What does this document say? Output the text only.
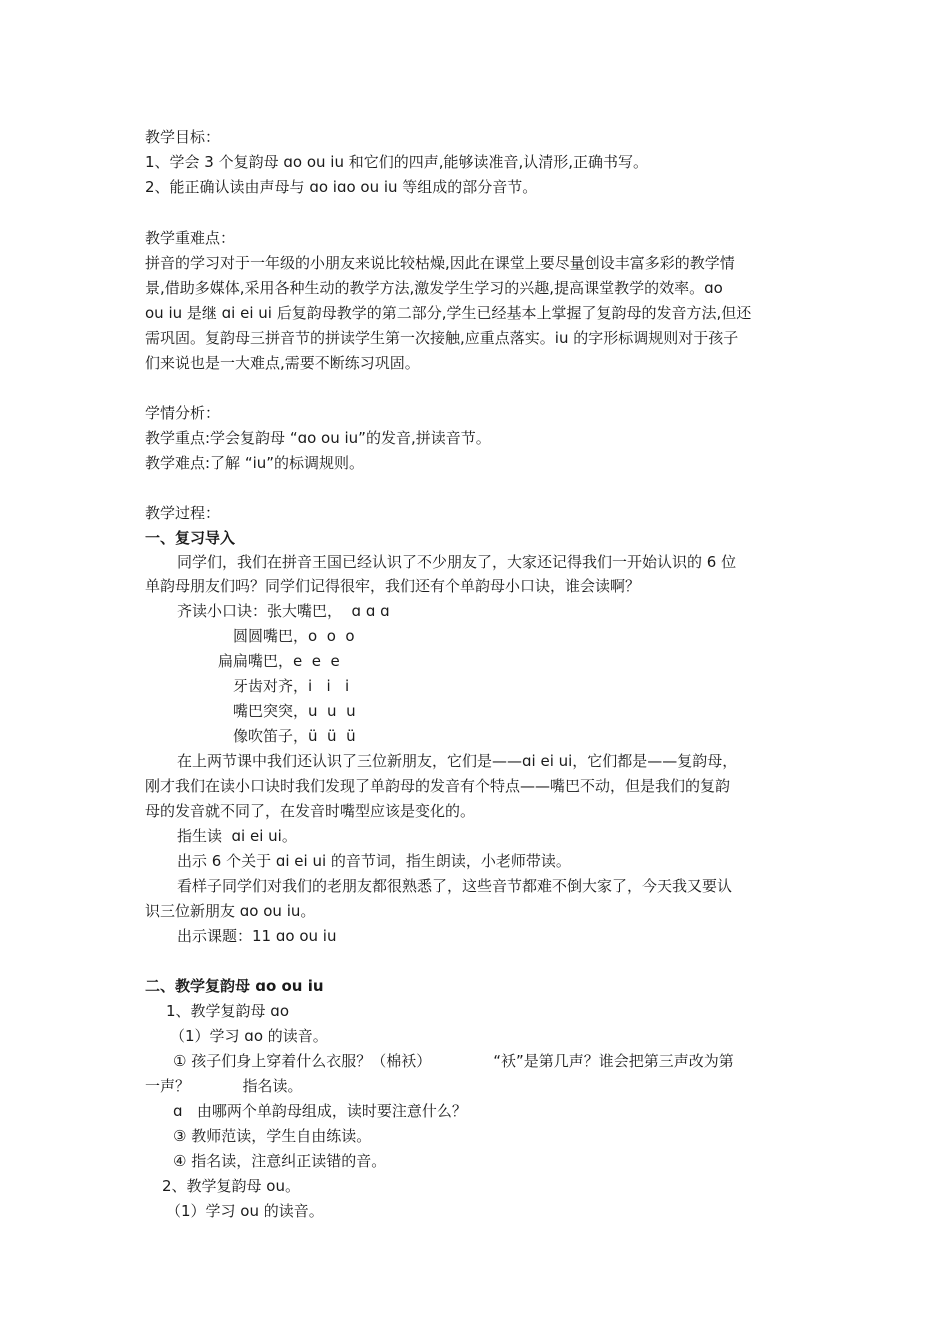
教学目标：
1、学会 3 个复韵母 ɑo ou iu 和它们的四声,能够读准音,认清形,正确书写。
2、能正确认读由声母与 ɑo iɑo ou iu 等组成的部分音节。
教学重难点：
拼音的学习对于一年级的小朋友来说比较枯燥,因此在课堂上要尽量创设丰富多彩的教学情
景,借助多媒体,采用各种生动的教学方法,激发学生学习的兴趣,提高课堂教学的效率。ɑo
ou iu 是继 ɑi ei ui 后复韵母教学的第二部分,学生已经基本上掌握了复韵母的发音方法,但还
需巩固。复韵母三拼音节的拼读学生第一次接触,应重点落实。iu 的字形标调规则对于孩子
们来说也是一大难点,需要不断练习巩固。
学情分析：
教学重点:学会复韵母 “ɑo ou iu”的发音,拼读音节。
教学难点:了解 “iu”的标调规则。
教学过程：
一、复习导入
同学们，我们在拼音王国已经认识了不少朋友了，大家还记得我们一开始认识的 6 位
单韵母朋友们吗？同学们记得很牢，我们还有个单韵母小口诀，谁会读啊？
齐读小口诀：张大嘴巴，  ɑ ɑ ɑ
圆圆嘴巴，o  o  o
扁扁嘴巴，e  e  e
牙齿对齐，i   i   i
嘴巴突突，u  u  u
像吹笛子，ü  ü  ü
在上两节课中我们还认识了三位新朋友，它们是——ɑi ei ui，它们都是——复韵母，
刚才我们在读小口诀时我们发现了单韵母的发音有个特点——嘴巴不动，但是我们的复韵
母的发音就不同了，在发音时嘴型应该是变化的。
指生读  ɑi ei ui。
出示 6 个关于 ɑi ei ui 的音节词，指生朗读，小老师带读。
看样子同学们对我们的老朋友都很熟悉了，这些音节都难不倒大家了，今天我又要认
识三位新朋友 ɑo ou iu。
出示课题：11 ɑo ou iu
二、教学复韵母 ɑo ou iu
1、教学复韵母 ɑo
（1）学习 ɑo 的读音。
① 孩子们身上穿着什么衣服？（棉袄）             “袄”是第几声？谁会把第三声改为第
一声？           指名读。
ɑ   由哪两个单韵母组成，读时要注意什么？
③ 教师范读，学生自由练读。
④ 指名读，注意纠正读错的音。
2、教学复韵母 ou。
（1）学习 ou 的读音。
